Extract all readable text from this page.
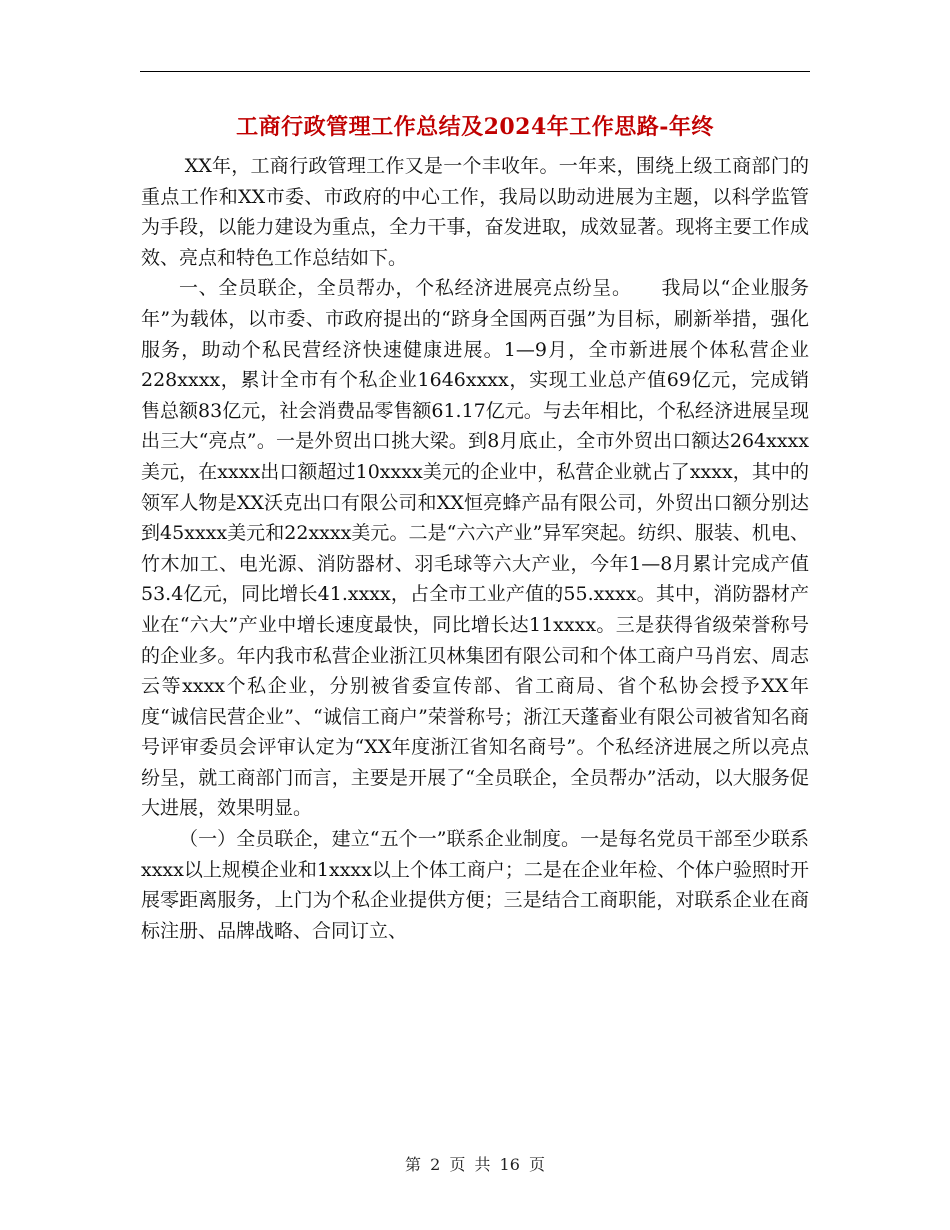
工商行政管理工作总结及2024年工作思路-年终

XX年，工商行政管理工作又是一个丰收年。一年来，围绕上级工商部门的重点工作和XX市委、市政府的中心工作，我局以助动进展为主题，以科学监管为手段，以能力建设为重点，全力干事，奋发进取，成效显著。现将主要工作成效、亮点和特色工作总结如下。

一、全员联企，全员帮办，个私经济进展亮点纷呈。　　我局以“企业服务年”为载体，以市委、市政府提出的“跻身全国两百强”为目标，刷新举措，强化服务，助动个私民营经济快速健康进展。1—9月，全市新进展个体私营企业228xxxx，累计全市有个私企业1646xxxx，实现工业总产值69亿元，完成销售总额83亿元，社会消费品零售额61.17亿元。与去年相比，个私经济进展呈现出三大“亮点”。一是外贸出口挑大梁。到8月底止，全市外贸出口额达264xxxx美元，在xxxx出口额超过10xxxx美元的企业中，私营企业就占了xxxx，其中的领军人物是XX沃克出口有限公司和XX恒亮蜂产品有限公司，外贸出口额分别达到45xxxx美元和22xxxx美元。二是“六六产业”异军突起。纺织、服装、机电、竹木加工、电光源、消防器材、羽毛球等六大产业，今年1—8月累计完成产值53.4亿元，同比增长41.xxxx，占全市工业产值的55.xxxx。其中，消防器材产业在“六大”产业中增长速度最快，同比增长达11xxxx。三是获得省级荣誉称号的企业多。年内我市私营企业浙江贝林集团有限公司和个体工商户马肖宏、周志云等xxxx个私企业，分别被省委宣传部、省工商局、省个私协会授予XX年度“诚信民营企业”、“诚信工商户”荣誉称号；浙江天蓬畜业有限公司被省知名商号评审委员会评审认定为“XX年度浙江省知名商号”。个私经济进展之所以亮点纷呈，就工商部门而言，主要是开展了“全员联企，全员帮办”活动，以大服务促大进展，效果明显。

（一）全员联企，建立“五个一”联系企业制度。一是每名党员干部至少联系xxxx以上规模企业和1xxxx以上个体工商户；二是在企业年检、个体户验照时开展零距离服务，上门为个私企业提供方便；三是结合工商职能，对联系企业在商标注册、品牌战略、合同订立、

第 2 页 共 16 页
